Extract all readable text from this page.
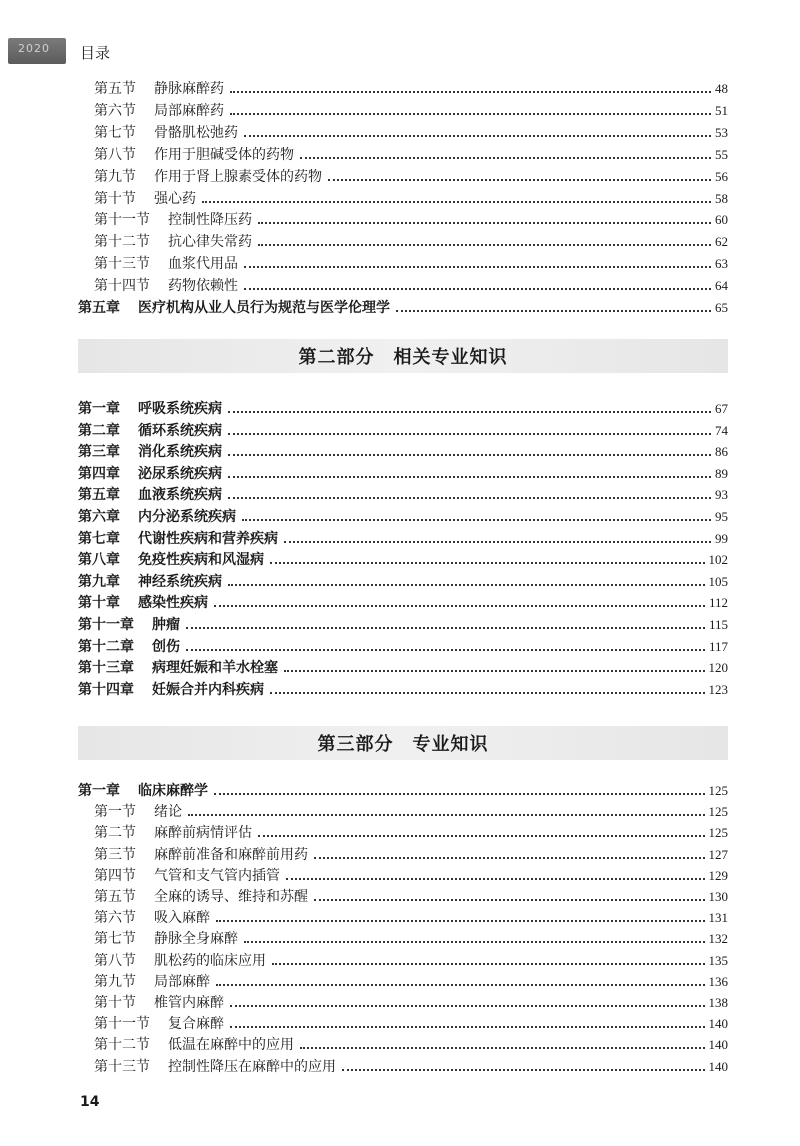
2020 目录
第五节 静脉麻醉药	48
第六节 局部麻醉药	51
第七节 骨骼肌松弛药	53
第八节 作用于胆碱受体的药物	55
第九节 作用于肾上腺素受体的药物	56
第十节 强心药	58
第十一节 控制性降压药	60
第十二节 抗心律失常药	62
第十三节 血浆代用品	63
第十四节 药物依赖性	64
第五章 医疗机构从业人员行为规范与医学伦理学	65
第二部分　相关专业知识
第一章 呼吸系统疾病	67
第二章 循环系统疾病	74
第三章 消化系统疾病	86
第四章 泌尿系统疾病	89
第五章 血液系统疾病	93
第六章 内分泌系统疾病	95
第七章 代谢性疾病和营养疾病	99
第八章 免疫性疾病和风湿病	102
第九章 神经系统疾病	105
第十章 感染性疾病	112
第十一章 肿瘤	115
第十二章 创伤	117
第十三章 病理妊娠和羊水栓塞	120
第十四章 妊娠合并内科疾病	123
第三部分　专业知识
第一章 临床麻醉学	125
第一节 绪论	125
第二节 麻醉前病情评估	125
第三节 麻醉前准备和麻醉前用药	127
第四节 气管和支气管内插管	129
第五节 全麻的诱导、维持和苏醒	130
第六节 吸入麻醉	131
第七节 静脉全身麻醉	132
第八节 肌松药的临床应用	135
第九节 局部麻醉	136
第十节 椎管内麻醉	138
第十一节 复合麻醉	140
第十二节 低温在麻醉中的应用	140
第十三节 控制性降压在麻醉中的应用	140
14
